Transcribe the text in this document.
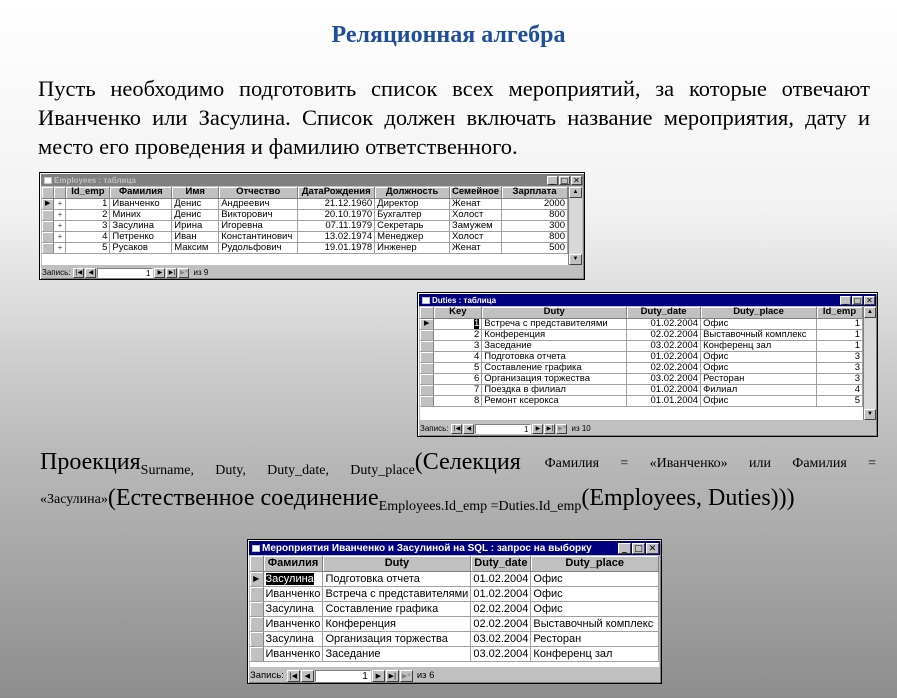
Реляционная алгебра
Пусть необходимо подготовить список всех мероприятий, за которые отвечают Иванченко или Засулина. Список должен включать название мероприятия, дату и место его проведения и фамилию ответственного.
Employees : таблица	_ □ ✕
		Id_emp	Фамилия	Имя	Отчество	ДатаРождения	Должность	Семейное	Зарплата
▶	+	1	Иванченко	Денис	Андреевич	21.12.1960	Директор	Женат	2000
	+	2	Миних	Денис	Викторович	20.10.1970	Бухгалтер	Холост	800
	+	3	Засулина	Ирина	Игоревна	07.11.1979	Секретарь	Замужем	300
	+	4	Петренко	Иван	Константинович	13.02.1974	Менеджер	Холост	800
	+	5	Русаков	Максим	Рудольфович	19.01.1978	Инженер	Женат	500
▲
▼
Запись: |◀	◀	1	▶	▶| ▶* из 9
Duties : таблица	_ □ ✕
	Key	Duty	Duty_date	Duty_place	Id_emp
▶	1	Встреча с представителями	01.02.2004	Офис	1
	2	Конференция	02.02.2004	Выставочный комплекс	1
	3	Заседание	03.02.2004	Конференц зал	1
	4	Подготовка отчета	01.02.2004	Офис	3
	5	Составление графика	02.02.2004	Офис	3
	6	Организация торжества	03.02.2004	Ресторан	3
	7	Поездка в филиал	01.02.2004	Филиал	4
	8	Ремонт ксерокса	01.01.2004	Офис	5
▲
▼
Запись: |◀	◀	1	▶	▶| ▶* из 10
Проекция$_{Surname, Duty, Duty\_date, Duty\_place}$(Селекция Фамилия = «Иванченко» или Фамилия = «Засулина»(Естественное соединение$_{Employees.Id\_emp =Duties.Id\_emp}$(Employees, Duties)))
Мероприятия Иванченко и Засулиной на SQL : запрос на выборку	_ □ ✕
	Фамилия	Duty	Duty_date	Duty_place
▶	Засулина	Подготовка отчета	01.02.2004	Офис
	Иванченко	Встреча с представителями	01.02.2004	Офис
	Засулина	Составление графика	02.02.2004	Офис
	Иванченко	Конференция	02.02.2004	Выставочный комплекс
	Засулина	Организация торжества	03.02.2004	Ресторан
	Иванченко	Заседание	03.02.2004	Конференц зал
Запись: |◀	◀	1	▶	▶| ▶* из 6
